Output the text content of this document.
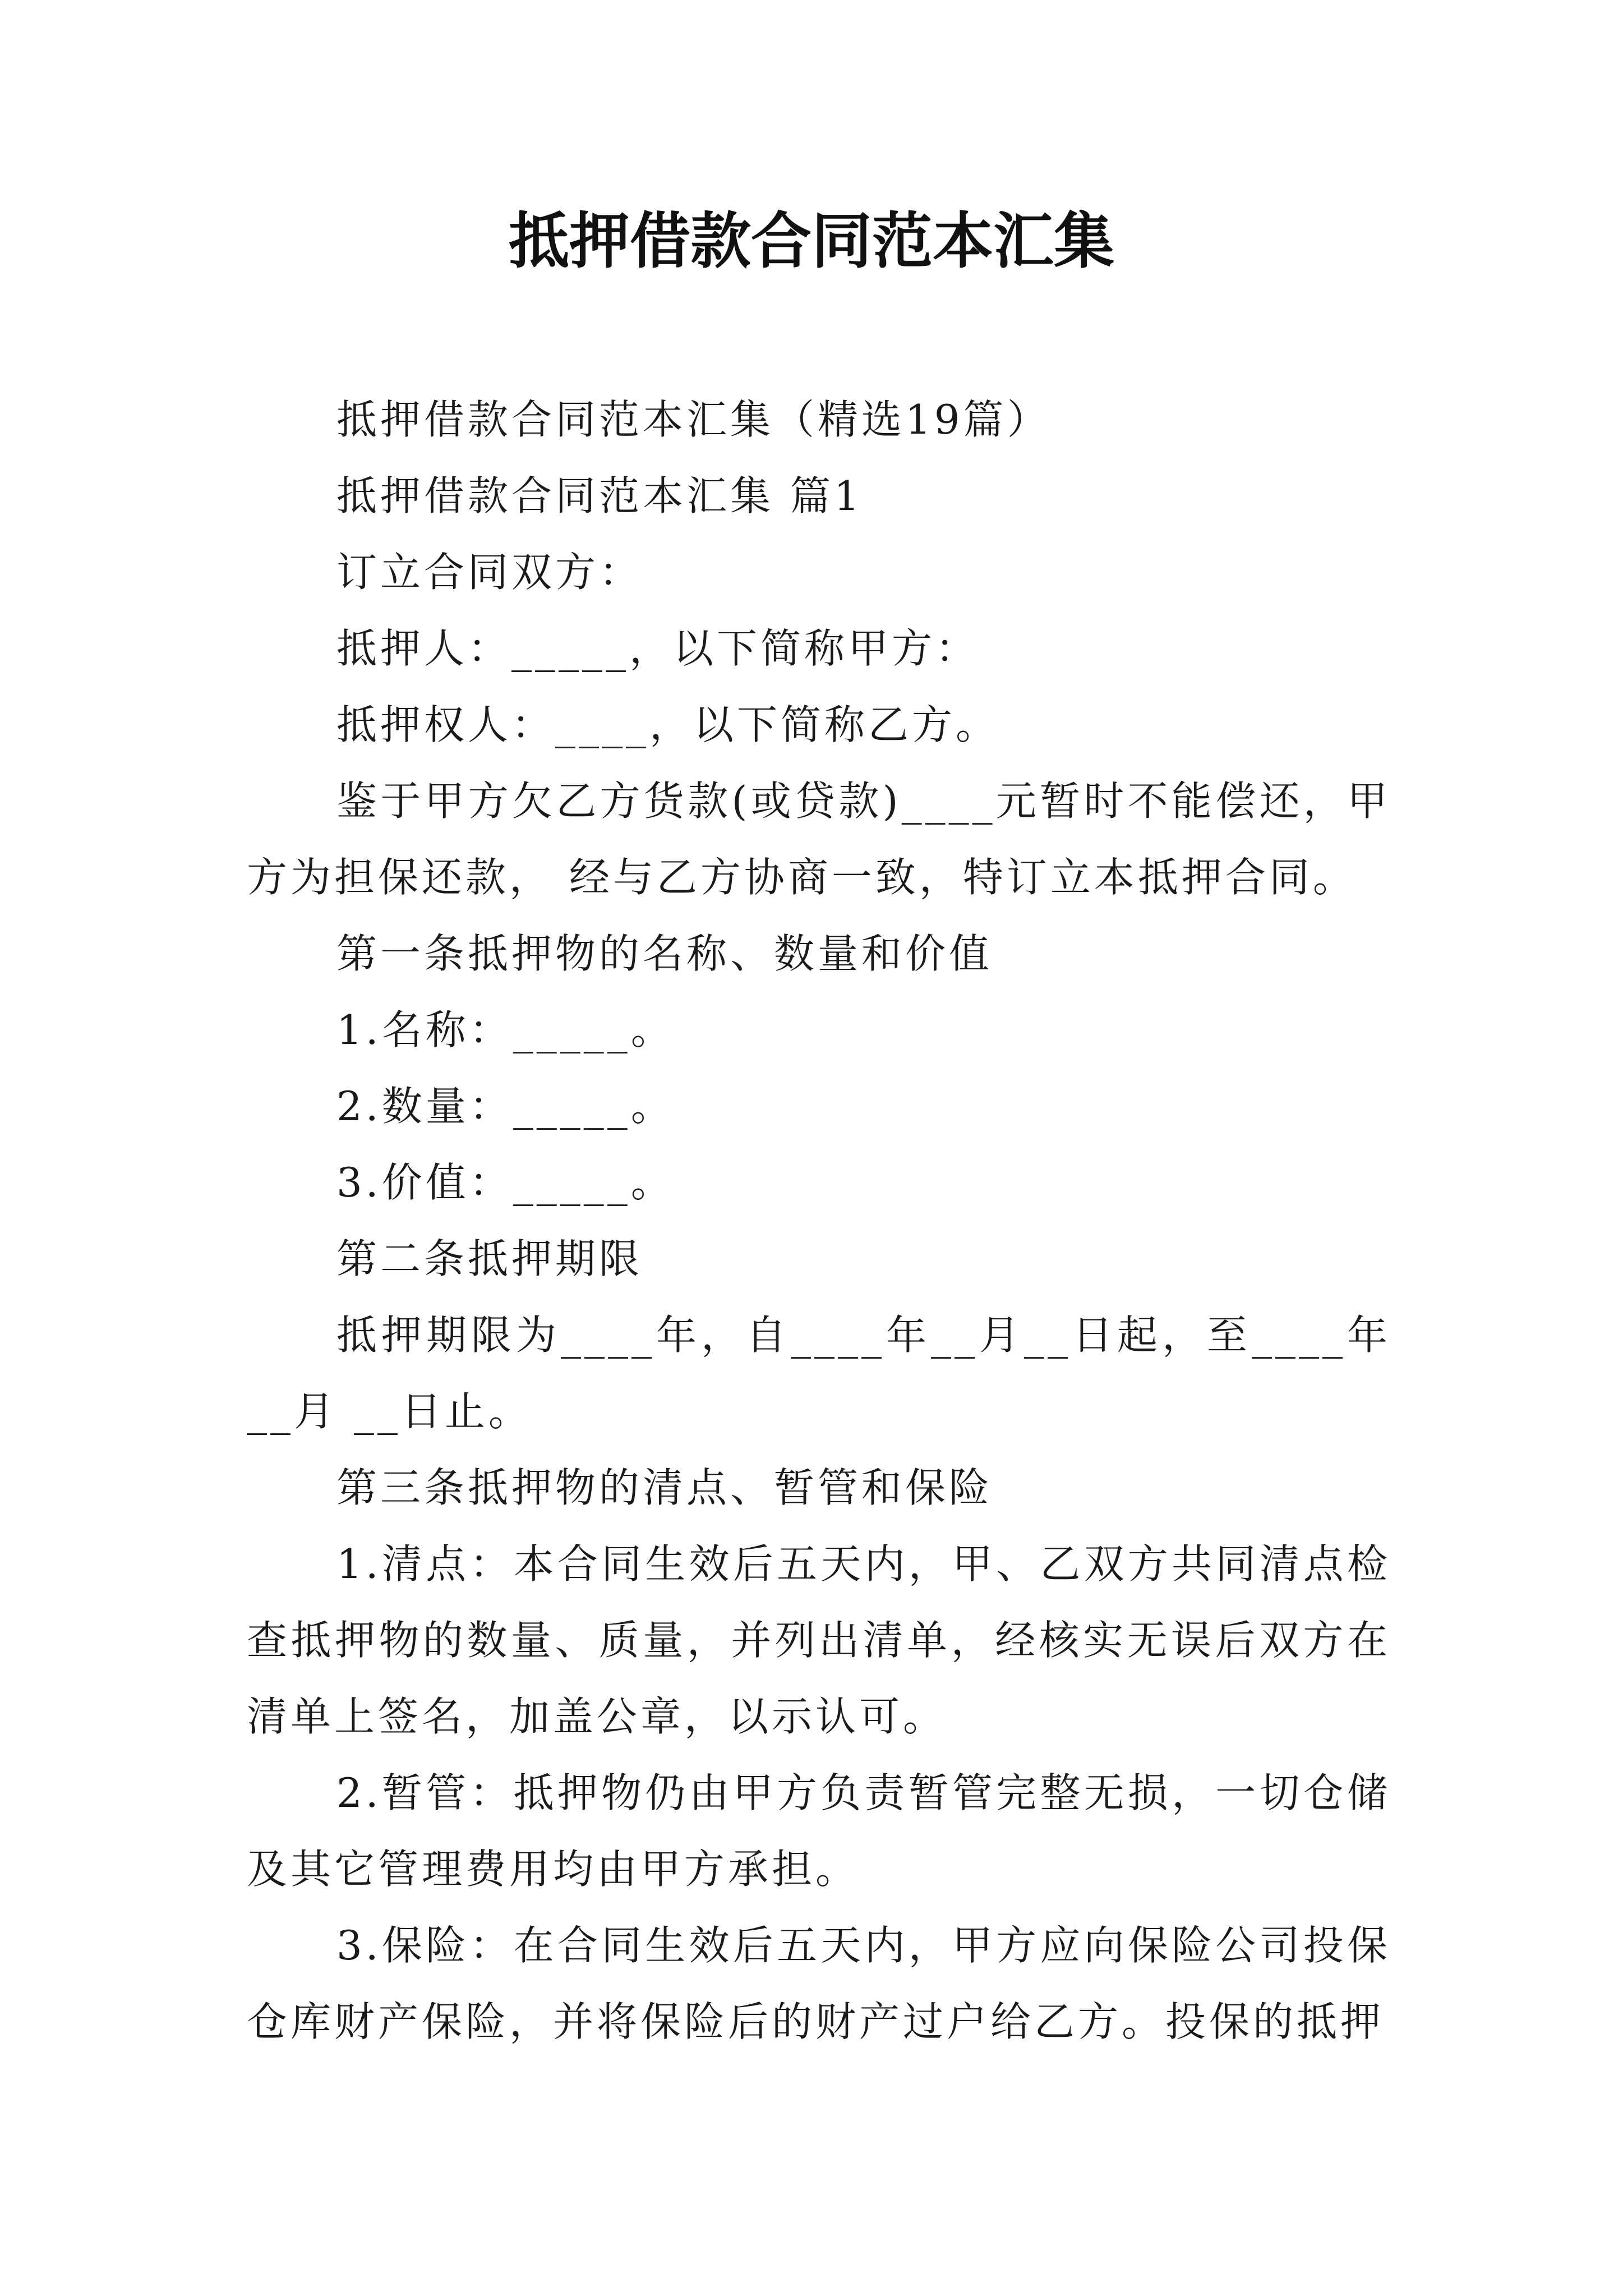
抵押借款合同范本汇集

抵押借款合同范本汇集（精选19篇）

抵押借款合同范本汇集 篇1

订立合同双方：

抵押人：_____，以下简称甲方：

抵押权人：____，以下简称乙方。

鉴于甲方欠乙方货款(或贷款)____元暂时不能偿还，甲方为担保还款， 经与乙方协商一致，特订立本抵押合同。

第一条抵押物的名称、数量和价值

1.名称：_____。

2.数量：_____。

3.价值：_____。

第二条抵押期限

抵押期限为____年，自____年__月__日起，至____年__月 __日止。

第三条抵押物的清点、暂管和保险

1.清点：本合同生效后五天内，甲、乙双方共同清点检查抵押物的数量、质量，并列出清单，经核实无误后双方在清单上签名，加盖公章，以示认可。

2.暂管：抵押物仍由甲方负责暂管完整无损，一切仓储及其它管理费用均由甲方承担。

3.保险：在合同生效后五天内，甲方应向保险公司投保仓库财产保险，并将保险后的财产过户给乙方。投保的抵押
